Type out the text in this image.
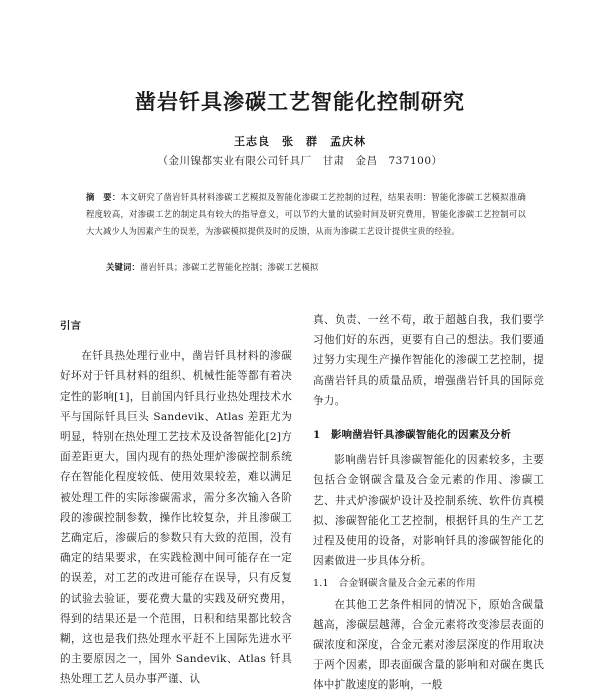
凿岩钎具渗碳工艺智能化控制研究
王志良　张　群　孟庆林
（金川镍都实业有限公司钎具厂　甘肃　金昌　737100）
摘　要：本文研究了凿岩钎具材料渗碳工艺模拟及智能化渗碳工艺控制的过程，结果表明：智能化渗碳工艺模拟准确程度较高，对渗碳工艺的制定具有较大的指导意义，可以节约大量的试验时间及研究费用，智能化渗碳工艺控制可以大大减少人为因素产生的误差，为渗碳模拟提供及时的反馈，从而为渗碳工艺设计提供宝贵的经验。
关键词：凿岩钎具；渗碳工艺智能化控制；渗碳工艺模拟

引言

在钎具热处理行业中，凿岩钎具材料的渗碳好坏对于钎具材料的组织、机械性能等都有着决定性的影响[1]，目前国内钎具行业热处理技术水平与国际钎具巨头 Sandevik、Atlas 差距尤为明显，特别在热处理工艺技术及设备智能化[2]方面差距更大，国内现有的热处理炉渗碳控制系统存在智能化程度较低、使用效果较差，难以满足被处理工件的实际渗碳需求，需分多次输入各阶段的渗碳控制参数，操作比较复杂，并且渗碳工艺确定后，渗碳后的参数只有大致的范围，没有确定的结果要求，在实践检测中间可能存在一定的误差，对工艺的改进可能存在误导，只有反复的试验去验证，要花费大量的实践及研究费用，得到的结果还是一个范围，日积和结果都比较含糊，这也是我们热处理水平赶不上国际先进水平的主要原因之一，国外 Sandevik、Atlas 钎具热处理工艺人员办事严谨、认

真、负责、一丝不苟，敢于超越自我，我们要学习他们好的东西，更要有自己的想法。我们要通过努力实现生产操作智能化的渗碳工艺控制，提高凿岩钎具的质量品质，增强凿岩钎具的国际竞争力。

1　影响凿岩钎具渗碳智能化的因素及分析

影响凿岩钎具渗碳智能化的因素较多，主要包括合金钢碳含量及合金元素的作用、渗碳工艺、井式炉渗碳炉设计及控制系统、软件仿真模拟、渗碳智能化工艺控制，根据钎具的生产工艺过程及使用的设备，对影响钎具的渗碳智能化的因素做进一步具体分析。

1.1　合金钢碳含量及合金元素的作用

在其他工艺条件相同的情况下，原始含碳量越高，渗碳层越薄，合金元素将改变渗层表面的碳浓度和深度，合金元素对渗层深度的作用取决于两个因素，即表面碳含量的影响和对碳在奥氏体中扩散速度的影响，一般
